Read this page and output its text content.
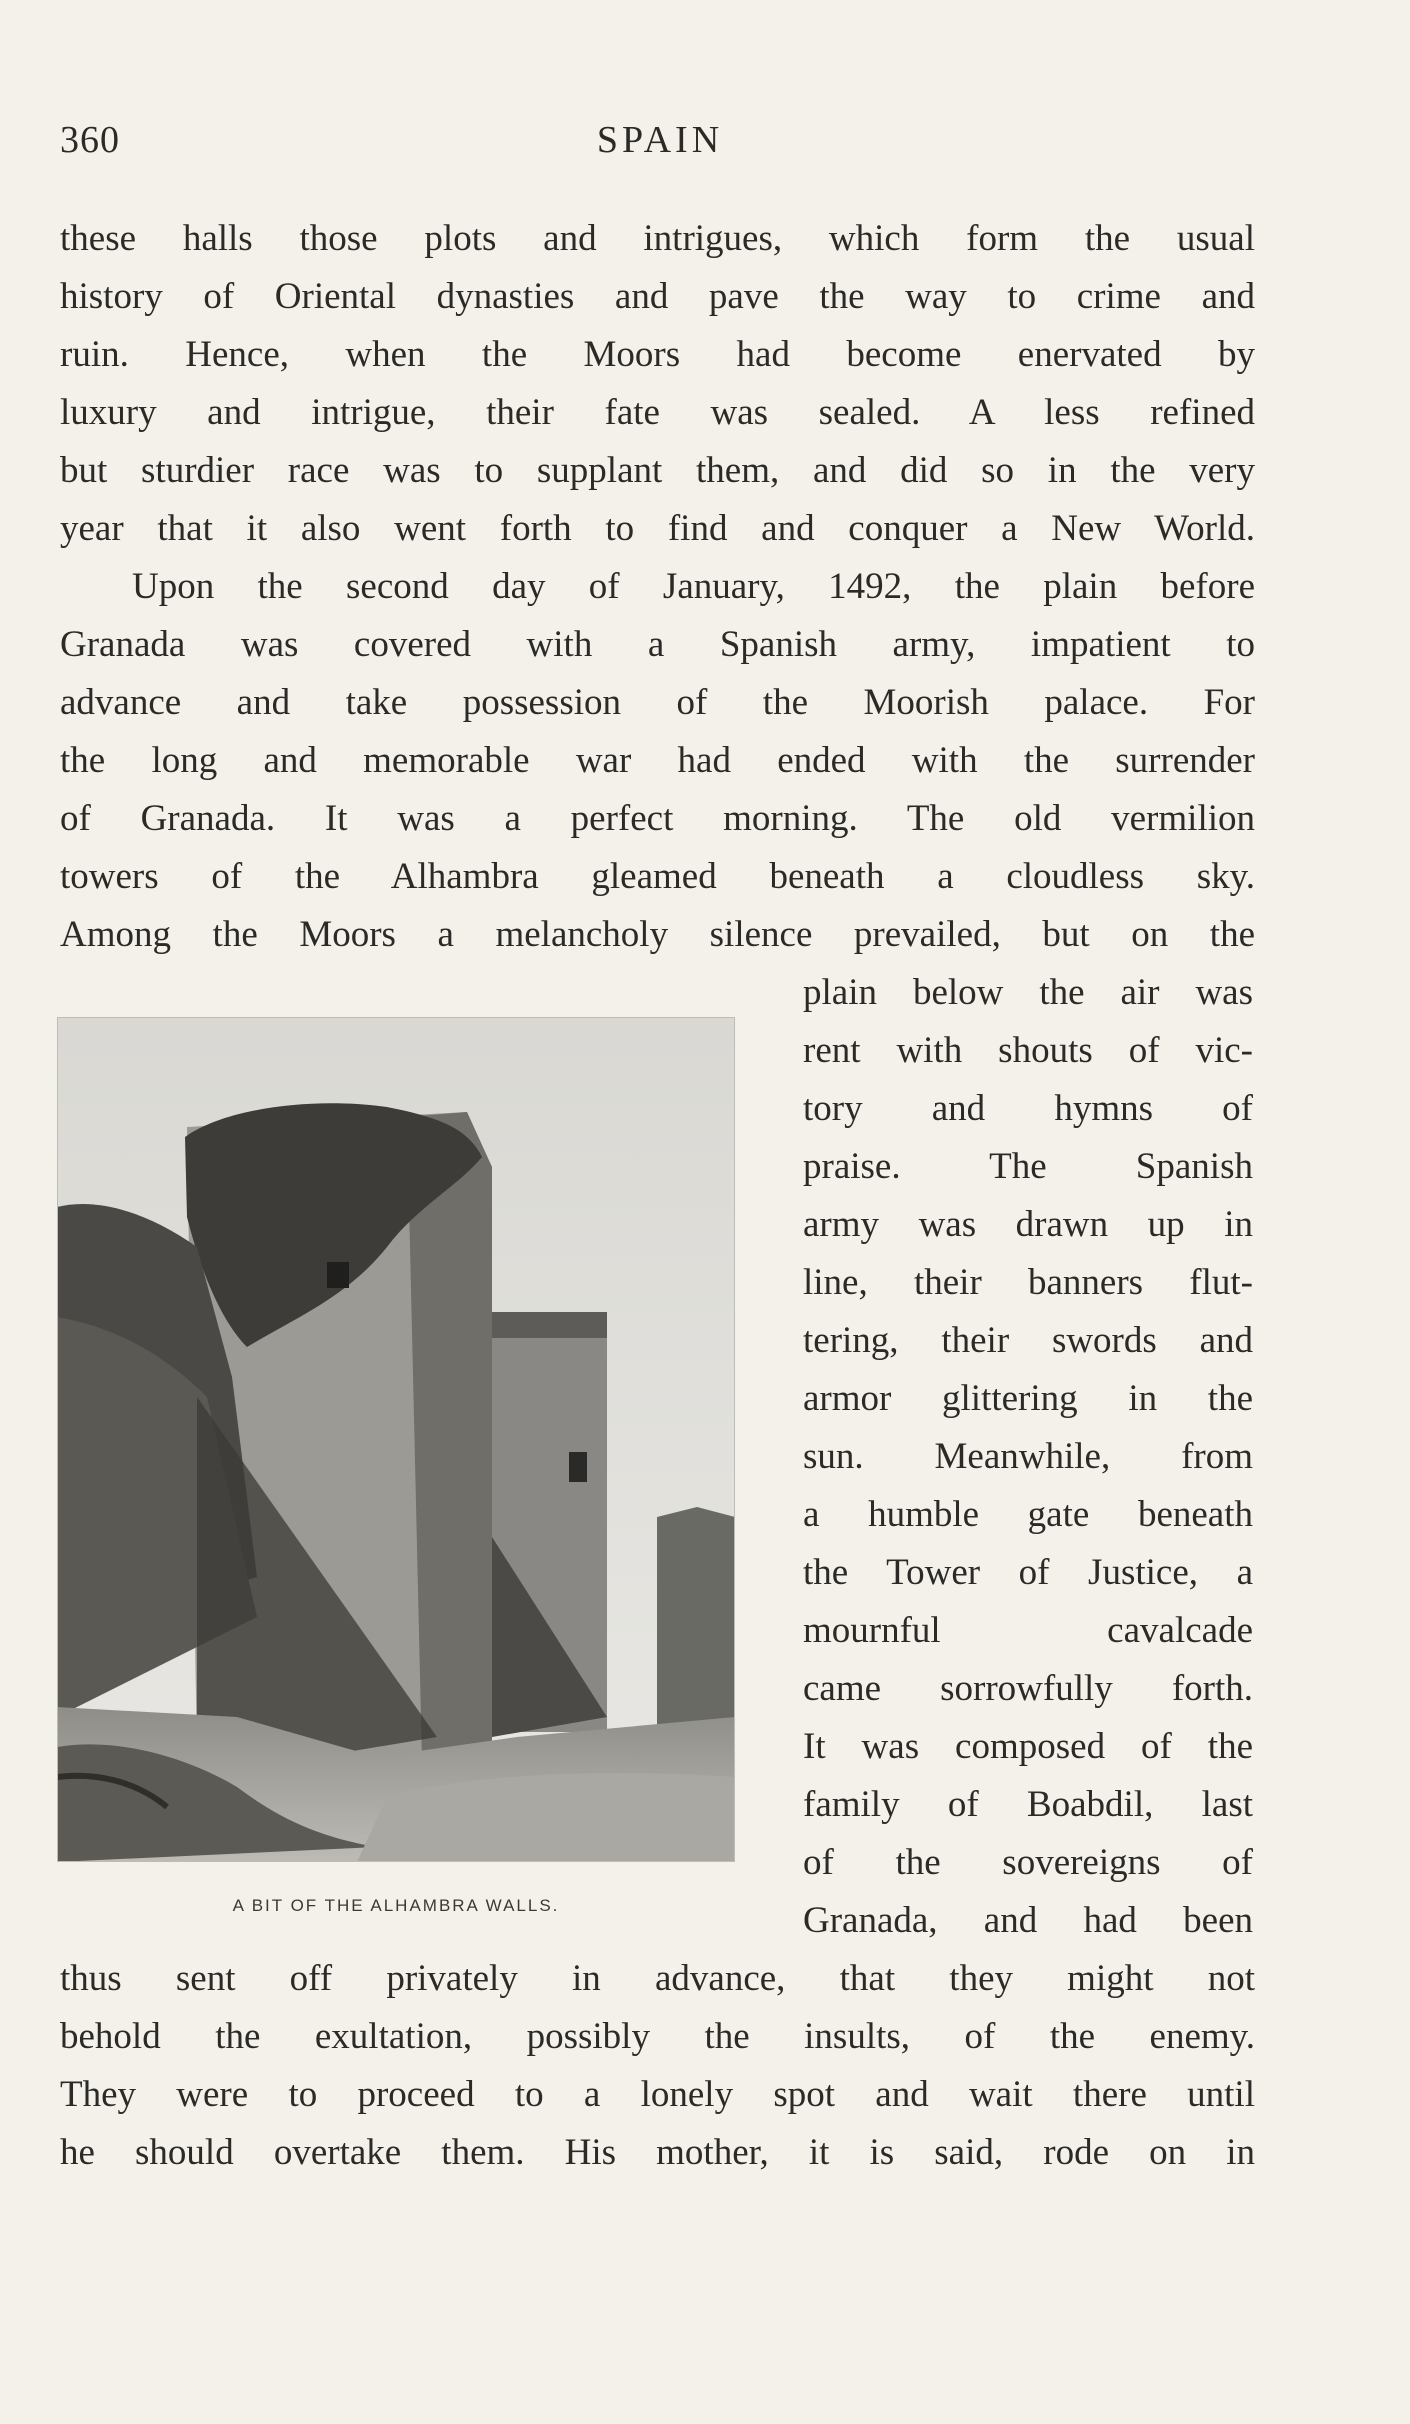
360	SPAIN
these halls those plots and intrigues, which form the usual
history of Oriental dynasties and pave the way to crime and
ruin. Hence, when the Moors had become enervated by
luxury and intrigue, their fate was sealed. A less refined
but sturdier race was to supplant them, and did so in the very
year that it also went forth to find and conquer a New World.
Upon the second day of January, 1492, the plain before
Granada was covered with a Spanish army, impatient to
advance and take possession of the Moorish palace. For
the long and memorable war had ended with the surrender
of Granada. It was a perfect morning. The old vermilion
towers of the Alhambra gleamed beneath a cloudless sky.
Among the Moors a melancholy silence prevailed, but on the
plain below the air was
rent with shouts of vic-
tory and hymns of
praise. The Spanish
army was drawn up in
line, their banners flut-
tering, their swords and
armor glittering in the
sun. Meanwhile, from
a humble gate beneath
the Tower of Justice, a
mournful cavalcade
came sorrowfully forth.
It was composed of the
family of Boabdil, last
of the sovereigns of
Granada, and had been
thus sent off privately in advance, that they might not
behold the exultation, possibly the insults, of the enemy.
They were to proceed to a lonely spot and wait there until
he should overtake them. His mother, it is said, rode on in
A BIT OF THE ALHAMBRA WALLS.
